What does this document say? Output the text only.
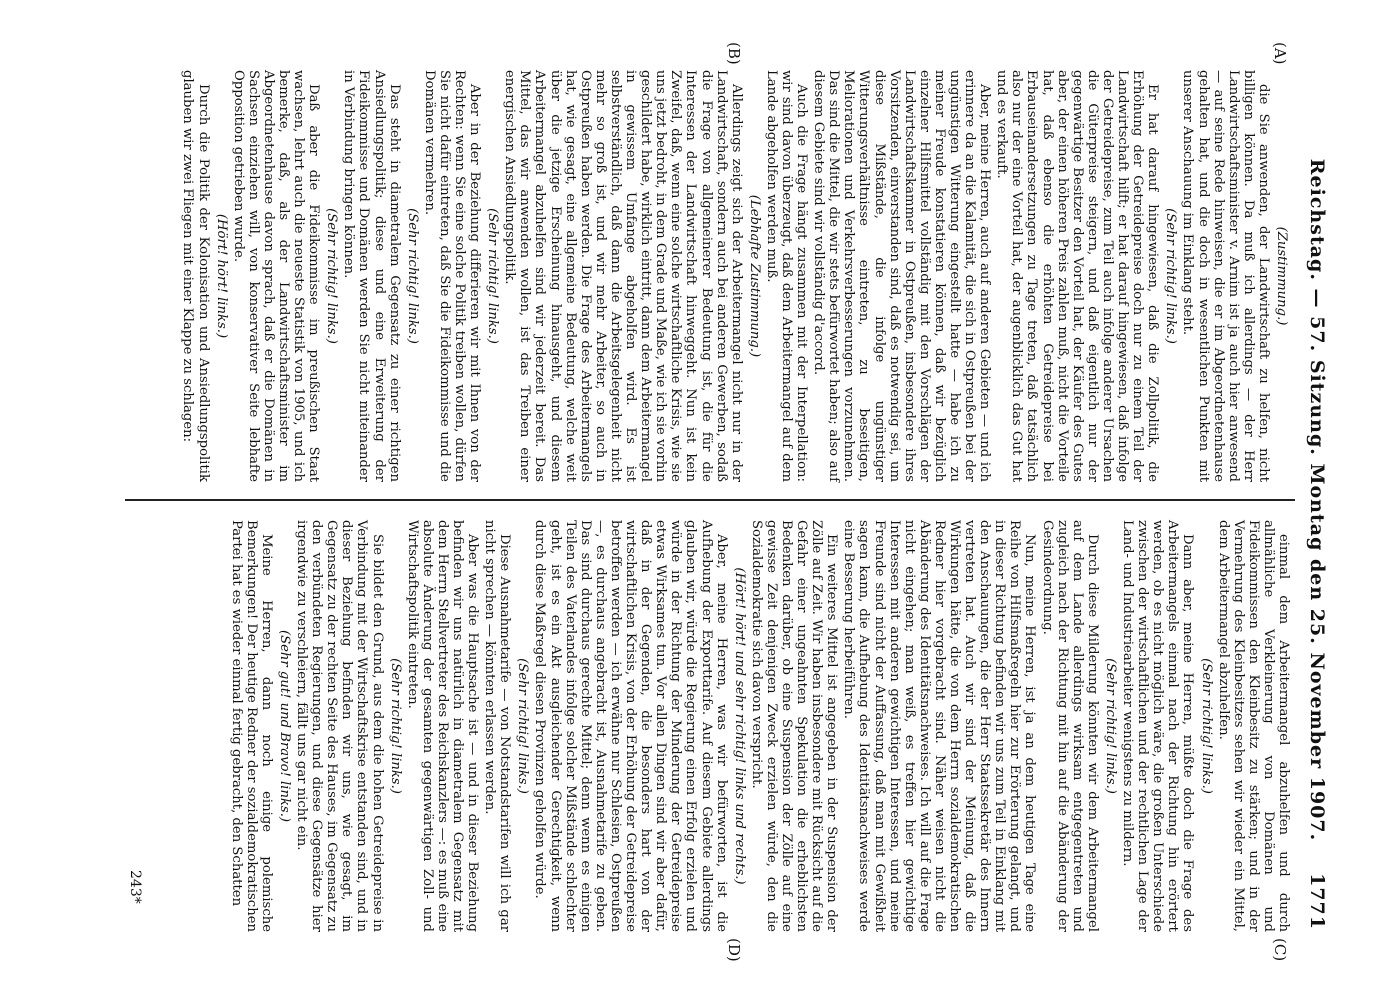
Reichstag. — 57. Sitzung. Montag den 25. November 1907.
1771
(A)
(B)
(C)
(D)

(Zustimmung.)

die Sie anwenden, der Landwirtschaft zu helfen, nicht billigen können. Da muß ich allerdings — der Herr Landwirtschaftsminister v. Arnim ist ja auch hier anwesend — auf seine Rede hinweisen, die er im Abgeordnetenhause gehalten hat, und die doch in wesentlichen Punkten mit unserer Anschauung im Einklang steht.

(Sehr richtig! links.)

Er hat darauf hingewiesen, daß die Zollpolitik, die Erhöhung der Getreidepreise doch nur zu einem Teil der Landwirtschaft hilft; er hat darauf hingewiesen, daß infolge der Getreidepreise, zum Teil auch infolge anderer Ursachen die Güterpreise steigern, und daß eigentlich nur der gegenwärtige Besitzer den Vorteil hat, der Käufer des Gutes aber, der einen höheren Preis zahlen muß, nicht die Vorteile hat, daß ebenso die erhöhten Getreidepreise bei Erbauseinandersetzungen zu Tage treten, daß tatsächlich also nur der eine Vorteil hat, der augenblicklich das Gut hat und es verkauft.

Aber, meine Herren, auch auf anderen Gebieten — und ich erinnere da an die Kalamität, die sich in Ostpreußen bei der ungünstigen Witterung eingestellt hatte — habe ich zu meiner Freude konstatieren können, daß wir bezüglich einzelner Hilfsmittel vollständig mit den Vorschlägen der Landwirtschaftskammer in Ostpreußen, insbesondere ihres Vorsitzenden, einverstanden sind, daß es notwendig sei, um diese Mißstände, die infolge ungünstiger Witterungsverhältnisse eintreten, zu beseitigen, Meliorationen und Verkehrsverbesserungen vorzunehmen. Das sind die Mittel, die wir stets befürwortet haben; also auf diesem Gebiete sind wir vollständig d'accord.

Auch die Frage hängt zusammen mit der Interpellation: wir sind davon überzeugt, daß dem Arbeitermangel auf dem Lande abgeholfen werden muß.

(Lebhafte Zustimmung.)

Allerdings zeigt sich der Arbeitermangel nicht nur in der Landwirtschaft, sondern auch bei anderen Gewerben, sodaß die Frage von allgemeinerer Bedeutung ist, die für die Interessen der Landwirtschaft hinweggeht. Nun ist kein Zweifel, daß, wenn eine solche wirtschaftliche Krisis, wie sie uns jetzt bedroht, in dem Grade und Maße, wie ich sie vorhin geschildert habe, wirklich eintritt, dann dem Arbeitermangel in gewissem Umfange abgeholfen wird. Es ist selbstverständlich, daß dann die Arbeitsgelegenheit nicht mehr so groß ist, und wir mehr Arbeiter, so auch in Ostpreußen haben werden. Die Frage des Arbeitermangels hat, wie gesagt, eine allgemeine Bedeutung, welche weit über die jetzige Erscheinung hinausgeht, und diesem Arbeitermangel abzuhelfen sind wir jederzeit bereit. Das Mittel, das wir anwenden wollen, ist das Treiben einer energischen Ansiedlungspolitik.

(Sehr richtig! links.)

Aber in der Beziehung differieren wir mit Ihnen von der Rechten: wenn Sie eine solche Politik treiben wollen, dürfen Sie nicht dafür eintreten, daß Sie die Fideikommisse und die Domänen vermehren.

(Sehr richtig! links.)

Das steht in diametralem Gegensatz zu einer richtigen Ansiedlungspolitik; diese und eine Erweiterung der Fideikommisse und Domänen werden Sie nicht miteinander in Verbindung bringen können.

(Sehr richtig! links.)

Daß aber die Fideikommisse im preußischen Staat wachsen, lehrt auch die neueste Statistik von 1905, und ich bemerke, daß, als der Landwirtschaftsminister im Abgeordnetenhause davon sprach, daß er die Domänen in Sachsen einziehen will, von konservativer Seite lebhafte Opposition getrieben wurde.

(Hört! hört! links.)

Durch die Politik der Kolonisation und Ansiedlungspolitik glauben wir zwei Fliegen mit einer Klappe zu schlagen:

einmal dem Arbeitermangel abzuhelfen und durch allmähliche Verkleinerung von Domänen und Fideikommissen den Kleinbesitz zu stärken; und in der Vermehrung des Kleinbesitzes sehen wir wieder ein Mittel, dem Arbeitermangel abzuhelfen.

(Sehr richtig! links.)

Dann aber, meine Herren, müßte doch die Frage des Arbeitermangels einmal nach der Richtung hin erörtert werden, ob es nicht möglich wäre, die großen Unterschiede zwischen der wirtschaftlichen und der rechtlichen Lage der Land- und Industriearbeiter wenigstens zu mildern.

(Sehr richtig! links.)

Durch diese Milderung könnten wir dem Arbeitermangel auf dem Lande allerdings wirksam entgegentreten und zugleich nach der Richtung mit hin auf die Abänderung der Gesindeordnung.

Nun, meine Herren, ist ja an dem heutigen Tage eine Reihe von Hilfsmaßregeln hier zur Erörterung gelangt, und in dieser Richtung befinden wir uns zum Teil in Einklang mit den Anschauungen, die der Herr Staatssekretär des Innern vertreten hat. Auch wir sind der Meinung, daß die Wirkungen hätte, die von dem Herrn sozialdemokratischen Redner hier vorgebracht sind. Näher weisen nicht die Abänderung des Identitätsnachweises. Ich will auf die Frage nicht eingehen; man weiß, es treffen hier gewichtige Interessen mit anderen gewichtigen Interessen, und meine Freunde sind nicht der Auffassung, daß man mit Gewißheit sagen kann, die Aufhebung des Identitätsnachweises werde eine Besserung herbeiführen.

Ein weiteres Mittel ist angegeben in der Suspension der Zölle auf Zeit. Wir haben insbesondere mit Rücksicht auf die Gefahr einer ungeahnten Spekulation die erheblichsten Bedenken darüber, ob eine Suspension der Zölle auf eine gewisse Zeit denjenigen Zweck erzielen würde, den die Sozialdemokratie sich davon verspricht.

(Hört! hört! und sehr richtig! links und rechts.)

Aber, meine Herren, was wir befürworten, ist die Aufhebung der Exporttarife. Auf diesem Gebiete allerdings glauben wir, würde die Regierung einen Erfolg erzielen und würde in der Richtung der Minderung der Getreidepreise etwas Wirksames tun. Vor allen Dingen sind wir aber dafür, daß in der Gegenden, die besonders hart von der wirtschaftlichen Krisis, von der Erhöhung der Getreidepreise betroffen werden — ich erwähne nur Schlesien, Ostpreußen —, es durchaus angebracht ist, Ausnahmetarife zu geben. Das sind durchaus gerechte Mittel; denn wenn es einigen Teilen des Vaterlandes infolge solcher Mißstände schlechter geht, ist es ein Akt ausgleichender Gerechtigkeit, wenn durch diese Maßregel diesen Provinzen geholfen würde.

(Sehr richtig! links.)

Diese Ausnahmetarife — von Notstandstarifen will ich gar nicht sprechen — könnten erlassen werden.

Aber was die Hauptsache ist — und in dieser Beziehung befinden wir uns natürlich in diametralem Gegensatz mit dem Herrn Stellvertreter des Reichskanzlers —: es muß eine absolute Änderung der gesamten gegenwärtigen Zoll- und Wirtschaftspolitik eintreten.

(Sehr richtig! links.)

Sie bildet den Grund, aus dem die hohen Getreidepreise in Verbindung mit der Wirtschaftskrise entstanden sind, und in dieser Beziehung befinden wir uns, wie gesagt, im Gegensatz zu der rechten Seite des Hauses, im Gegensatz zu den verbündeten Regierungen, und diese Gegensätze hier irgendwie zu verschleiern, fällt uns gar nicht ein.

(Sehr gut! und Bravo! links.)

Meine Herren, dann noch einige polemische Bemerkungen! Der heutige Redner der sozialdemokratischen Partei hat es wieder einmal fertig gebracht, den Schatten

243*
